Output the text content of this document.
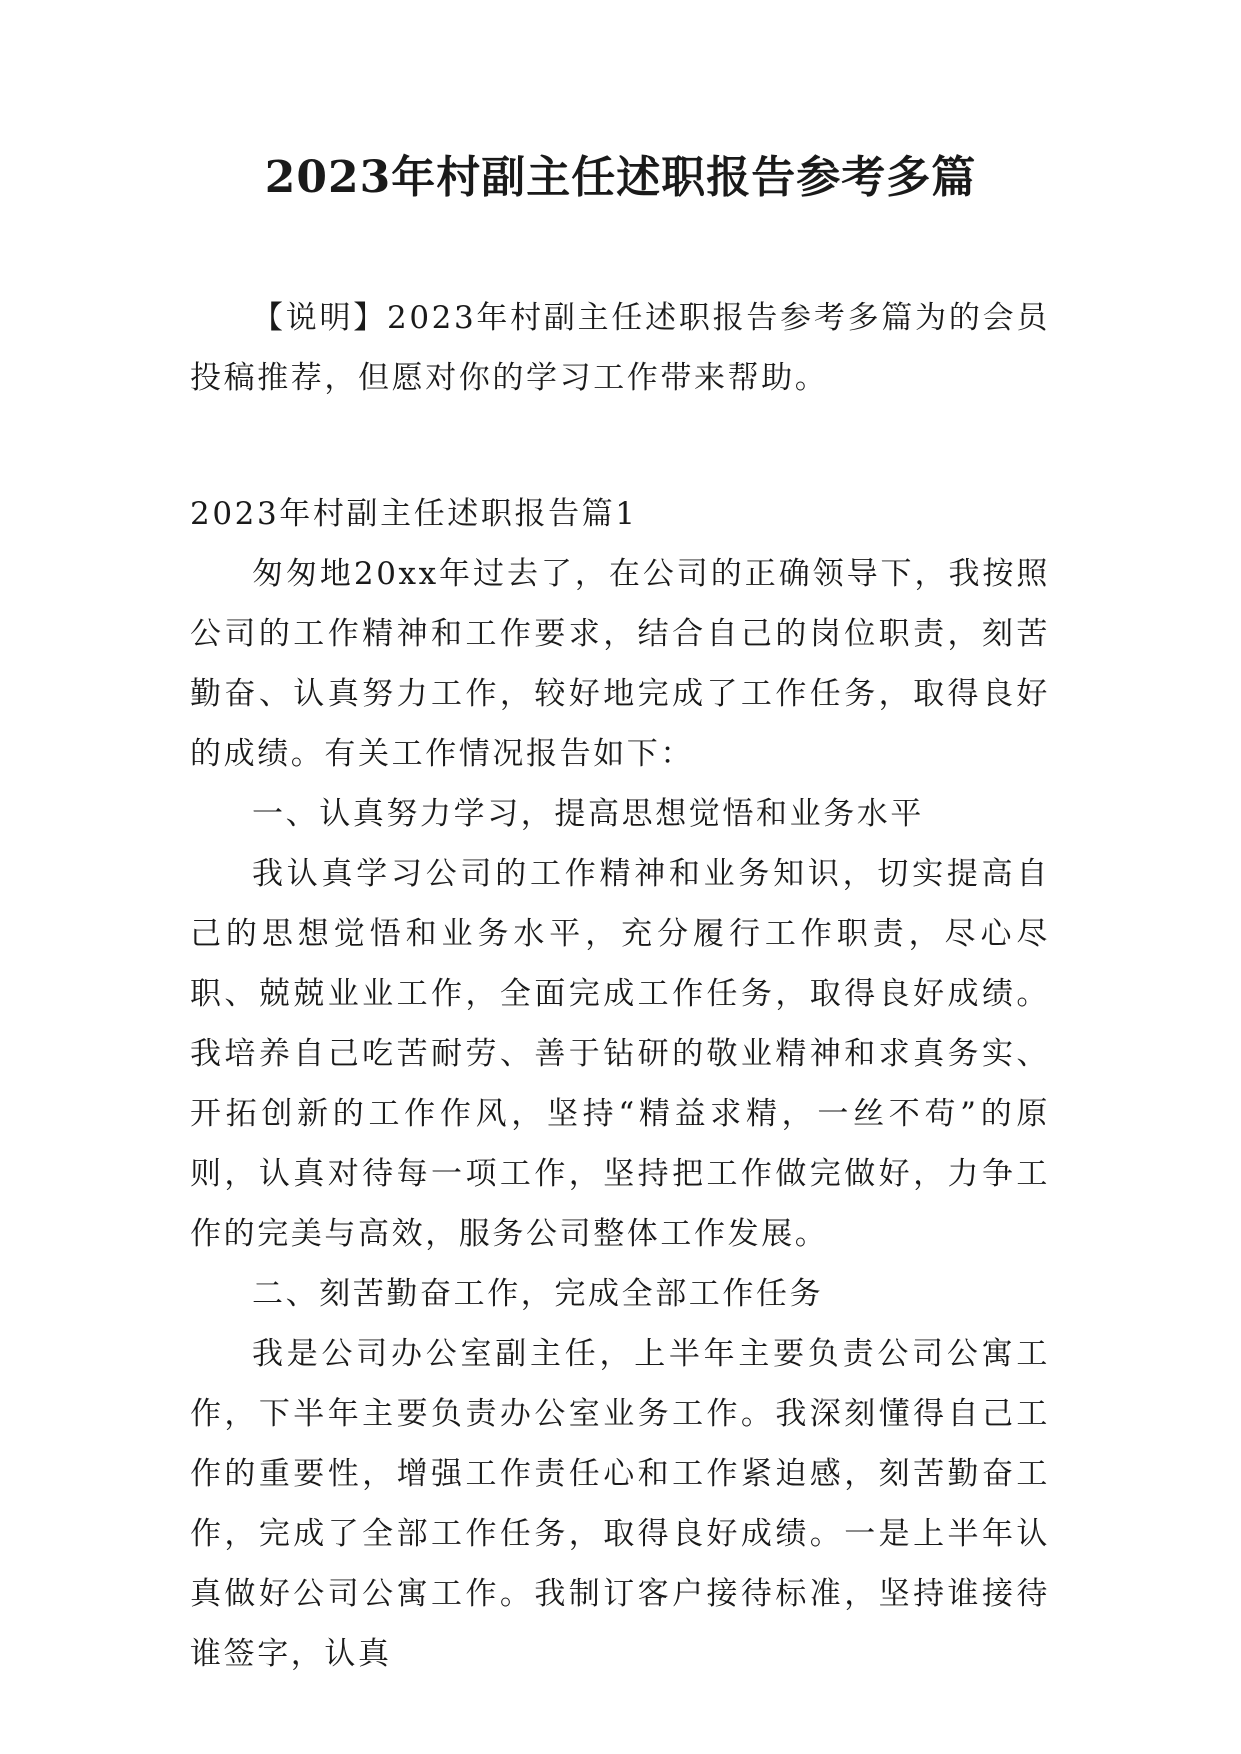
2023年村副主任述职报告参考多篇

【说明】2023年村副主任述职报告参考多篇为的会员投稿推荐，但愿对你的学习工作带来帮助。

2023年村副主任述职报告篇1

匆匆地20xx年过去了，在公司的正确领导下，我按照公司的工作精神和工作要求，结合自己的岗位职责，刻苦勤奋、认真努力工作，较好地完成了工作任务，取得良好的成绩。有关工作情况报告如下：

一、认真努力学习，提高思想觉悟和业务水平

我认真学习公司的工作精神和业务知识，切实提高自己的思想觉悟和业务水平，充分履行工作职责，尽心尽职、兢兢业业工作，全面完成工作任务，取得良好成绩。我培养自己吃苦耐劳、善于钻研的敬业精神和求真务实、开拓创新的工作作风，坚持“精益求精，一丝不苟”的原则，认真对待每一项工作，坚持把工作做完做好，力争工作的完美与高效，服务公司整体工作发展。

二、刻苦勤奋工作，完成全部工作任务

我是公司办公室副主任，上半年主要负责公司公寓工作，下半年主要负责办公室业务工作。我深刻懂得自己工作的重要性，增强工作责任心和工作紧迫感，刻苦勤奋工作，完成了全部工作任务，取得良好成绩。一是上半年认真做好公司公寓工作。我制订客户接待标准，坚持谁接待谁签字，认真
